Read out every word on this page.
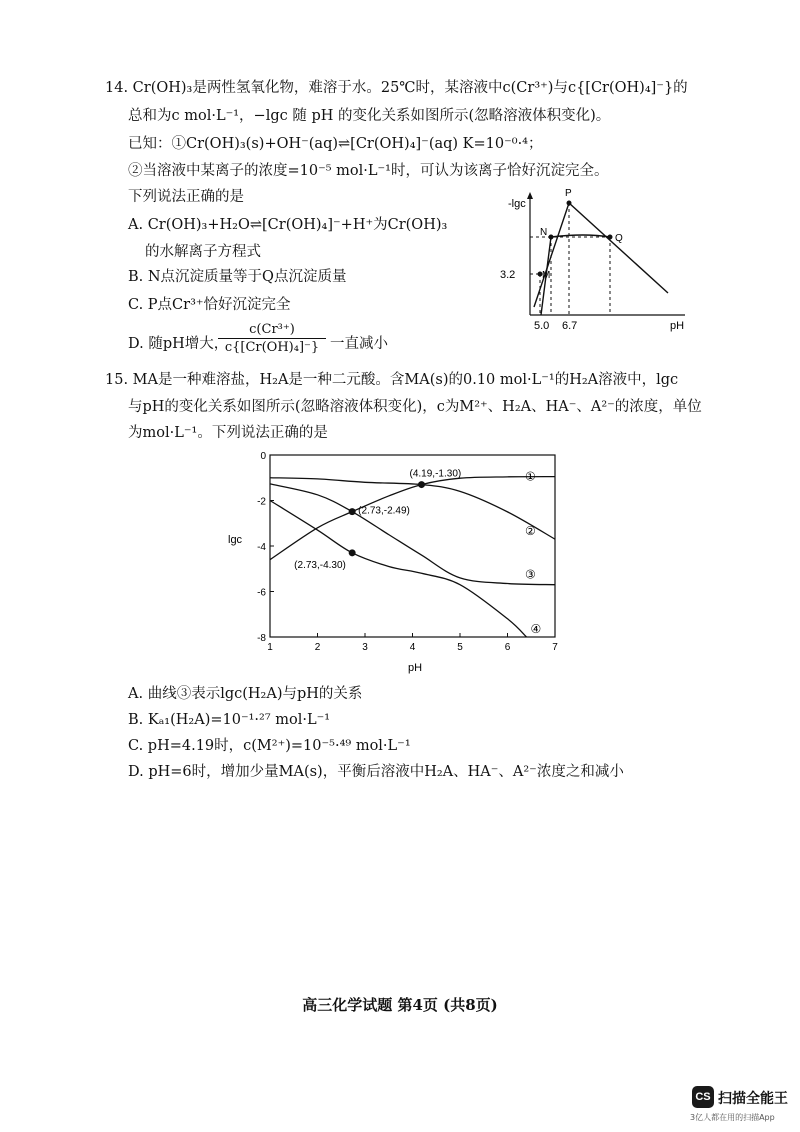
14. Cr(OH)₃是两性氢氧化物，难溶于水。25℃时，某溶液中c(Cr³⁺)与c{[Cr(OH)₄]⁻}的
总和为c mol·L⁻¹，−lgc 随 pH 的变化关系如图所示(忽略溶液体积变化)。
已知：①Cr(OH)₃(s)+OH⁻(aq)⇌[Cr(OH)₄]⁻(aq) K=10⁻⁰·⁴；
②当溶液中某离子的浓度=10⁻⁵ mol·L⁻¹时，可认为该离子恰好沉淀完全。
下列说法正确的是
A. Cr(OH)₃+H₂O⇌[Cr(OH)₄]⁻+H⁺为Cr(OH)₃
的水解离子方程式
B. N点沉淀质量等于Q点沉淀质量
C. P点Cr³⁺恰好沉淀完全
D. 随pH增大，
c(Cr³⁺)
c{[Cr(OH)₄]⁻} 一直减小
-lgc
pH
3.2
5.0 6.7
P
N
Q
M
15. MA是一种难溶盐，H₂A是一种二元酸。含MA(s)的0.10 mol·L⁻¹的H₂A溶液中，lgc
与pH的变化关系如图所示(忽略溶液体积变化)，c为M²⁺、H₂A、HA⁻、A²⁻的浓度，单位
为mol·L⁻¹。下列说法正确的是
lgc
pH
1	2	3	4	5	6	7
0
-2
-4
-6
-8
①
②
③
④
(4.19,-1.30)
(2.73,-2.49)
(2.73,-4.30)
A. 曲线③表示lgc(H₂A)与pH的关系
B. Kₐ₁(H₂A)=10⁻¹·²⁷ mol·L⁻¹
C. pH=4.19时，c(M²⁺)=10⁻⁵·⁴⁹ mol·L⁻¹
D. pH=6时，增加少量MA(s)，平衡后溶液中H₂A、HA⁻、A²⁻浓度之和减小
高三化学试题 第4页 (共8页)
CS 扫描全能王
3亿人都在用的扫描App
